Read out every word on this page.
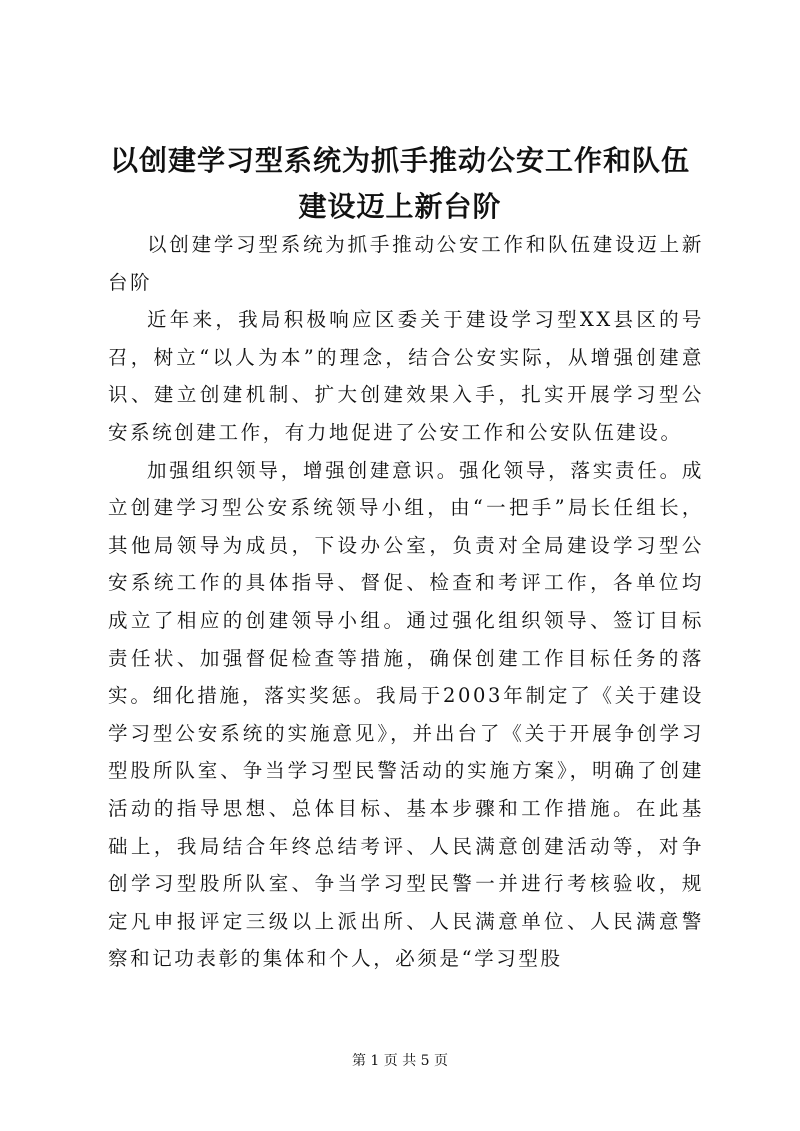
以创建学习型系统为抓手推动公安工作和队伍建设迈上新台阶

以创建学习型系统为抓手推动公安工作和队伍建设迈上新台阶

近年来，我局积极响应区委关于建设学习型XX县区的号召，树立“以人为本”的理念，结合公安实际，从增强创建意识、建立创建机制、扩大创建效果入手，扎实开展学习型公安系统创建工作，有力地促进了公安工作和公安队伍建设。

加强组织领导，增强创建意识。强化领导，落实责任。成立创建学习型公安系统领导小组，由“一把手”局长任组长，其他局领导为成员，下设办公室，负责对全局建设学习型公安系统工作的具体指导、督促、检查和考评工作，各单位均成立了相应的创建领导小组。通过强化组织领导、签订目标责任状、加强督促检查等措施，确保创建工作目标任务的落实。细化措施，落实奖惩。我局于2003年制定了《关于建设学习型公安系统的实施意见》，并出台了《关于开展争创学习型股所队室、争当学习型民警活动的实施方案》，明确了创建活动的指导思想、总体目标、基本步骤和工作措施。在此基础上，我局结合年终总结考评、人民满意创建活动等，对争创学习型股所队室、争当学习型民警一并进行考核验收，规定凡申报评定三级以上派出所、人民满意单位、人民满意警察和记功表彰的集体和个人，必须是“学习型股

第 1 页 共 5 页
